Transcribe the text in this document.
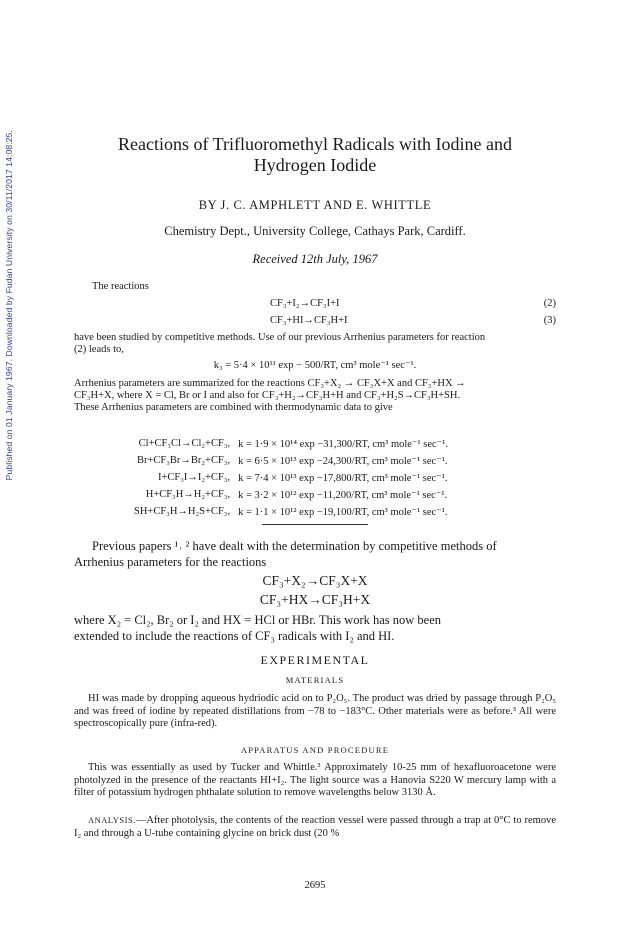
Published on 01 January 1967. Downloaded by Fudan University on 30/11/2017 14:08:25.	Reactions of Trifluoromethyl Radicals with Iodine and
Hydrogen Iodide
BY J. C. AMPHLETT AND E. WHITTLE
Chemistry Dept., University College, Cathays Park, Cardiff.
Received 12th July, 1967
The reactions
CF₃+I₂→CF₃I+I	(2)
CF₃+HI→CF₃H+I	(3)

have been studied by competitive methods. Use of our previous Arrhenius parameters for reaction
(2) leads to,

k₃ = 5·4 × 10¹¹ exp − 500/RT, cm³ mole⁻¹ sec⁻¹.

Arrhenius parameters are summarized for the reactions CF₃+X₂ → CF₃X+X and CF₃+HX →
CF₃H+X, where X = Cl, Br or I and also for CF₃+H₂→CF₃H+H and CF₃+H₂S→CF₃H+SH.
These Arrhenius parameters are combined with thermodynamic data to give

Cl+CF₃Cl→Cl₂+CF₃,	k = 1·9 × 10¹⁴ exp −31,300/RT, cm³ mole⁻¹ sec⁻¹.
Br+CF₃Br→Br₂+CF₃,	k = 6·5 × 10¹³ exp −24,300/RT, cm³ mole⁻¹ sec⁻¹.
I+CF₃I→I₂+CF₃,	k = 7·4 × 10¹³ exp −17,800/RT, cm³ mole⁻¹ sec⁻¹.
H+CF₃H→H₂+CF₃,	k = 3·2 × 10¹² exp −11,200/RT, cm³ mole⁻¹ sec⁻¹.
SH+CF₃H→H₂S+CF₃,	k = 1·1 × 10¹² exp −19,100/RT, cm³ mole⁻¹ sec⁻¹.

Previous papers ¹˒ ² have dealt with the determination by competitive methods of
Arrhenius parameters for the reactions

CF₃+X₂→CF₃X+X
CF₃+HX→CF₃H+X

where X₂ = Cl₂, Br₂ or I₂ and HX = HCl or HBr. This work has now been
extended to include the reactions of CF₃ radicals with I₂ and HI.

EXPERIMENTAL
MATERIALS

HI was made by dropping aqueous hydriodic acid on to P₂O₅. The product was dried by passage through P₂O₅ and was freed of iodine by repeated distillations from −78 to −183°C. Other materials were as before.³ All were spectroscopically pure (infra-red).

APPARATUS AND PROCEDURE

This was essentially as used by Tucker and Whittle.³ Approximately 10-25 mm of hexafluoroacetone were photolyzed in the presence of the reactants HI+I₂. The light source was a Hanovia S220 W mercury lamp with a filter of potassium hydrogen phthalate solution to remove wavelengths below 3130 Å.

ANALYSIS.—After photolysis, the contents of the reaction vessel were passed through a trap at 0°C to remove I₂ and through a U-tube containing glycine on brick dust (20 %

2695
